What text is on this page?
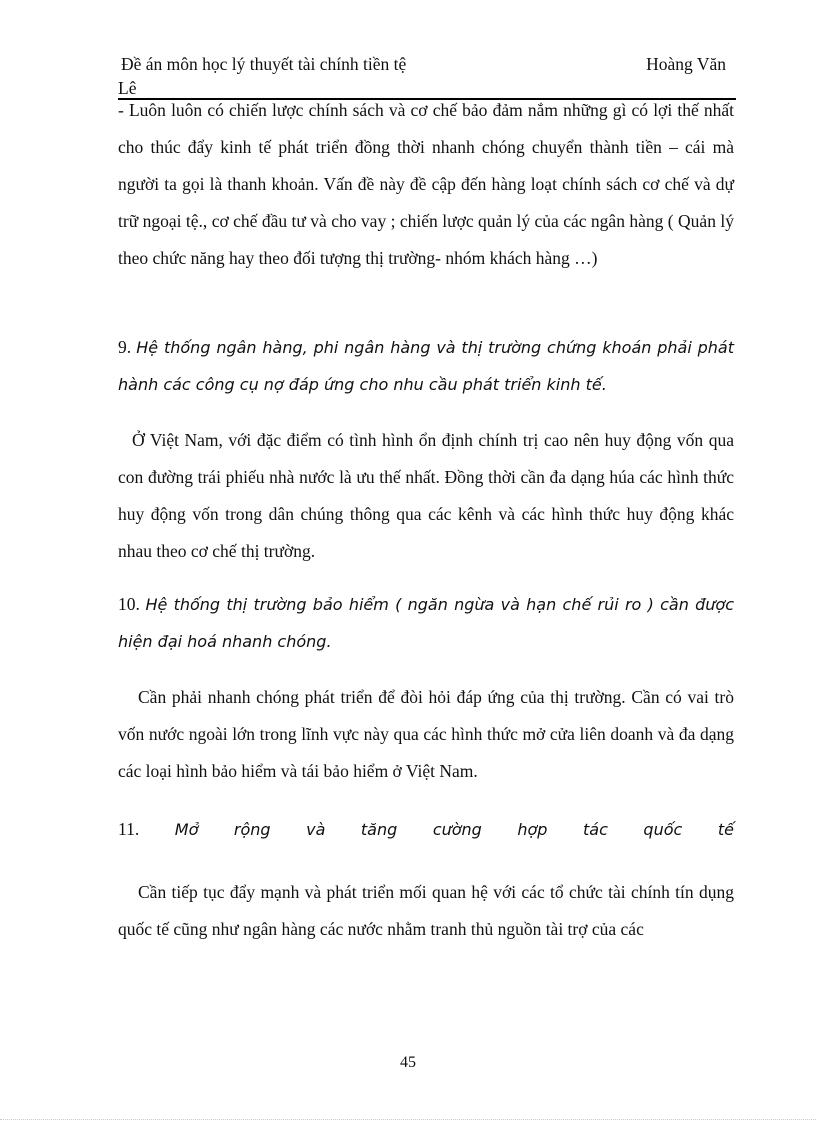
Đề án môn học lý thuyết tài chính tiền tệ	Hoàng Văn
Lê
- Luôn luôn có chiến lược chính sách và cơ chế bảo đảm nắm những gì có lợi thế nhất cho thúc đẩy kinh tế phát triển đồng thời nhanh chóng chuyển thành tiền – cái mà người ta gọi là thanh khoản. Vấn đề này đề cập đến hàng loạt chính sách cơ chế và dự trữ ngoại tệ., cơ chế đầu tư và cho vay ; chiến lược quản lý của các ngân hàng ( Quản lý theo chức năng hay theo đối tượng thị trường- nhóm khách hàng …)
9. Hệ thống ngân hàng, phi ngân hàng và thị trường chứng khoán phải phát hành các công cụ nợ đáp ứng cho nhu cầu phát triển kinh tế.
Ở Việt Nam, với đặc điểm có tình hình ổn định chính trị cao nên huy động vốn qua con đường trái phiếu nhà nước là ưu thế nhất. Đồng thời cần đa dạng húa các hình thức huy động vốn trong dân chúng thông qua các kênh và các hình thức huy động khác nhau theo cơ chế thị trường.
10. Hệ thống thị trường bảo hiểm ( ngăn ngừa và hạn chế rủi ro ) cần được hiện đại hoá nhanh chóng.
Cần phải nhanh chóng phát triển để đòi hỏi đáp ứng của thị trường. Cần có vai trò vốn nước ngoài lớn trong lĩnh vực này qua các hình thức mở cửa liên doanh và đa dạng các loại hình bảo hiểm và tái bảo hiểm ở Việt Nam.
11. Mở rộng và tăng cường hợp tác quốc tế
Cần tiếp tục đẩy mạnh và phát triển mối quan hệ với các tổ chức tài chính tín dụng quốc tế cũng như ngân hàng các nước nhằm tranh thủ nguồn tài trợ của các
45
